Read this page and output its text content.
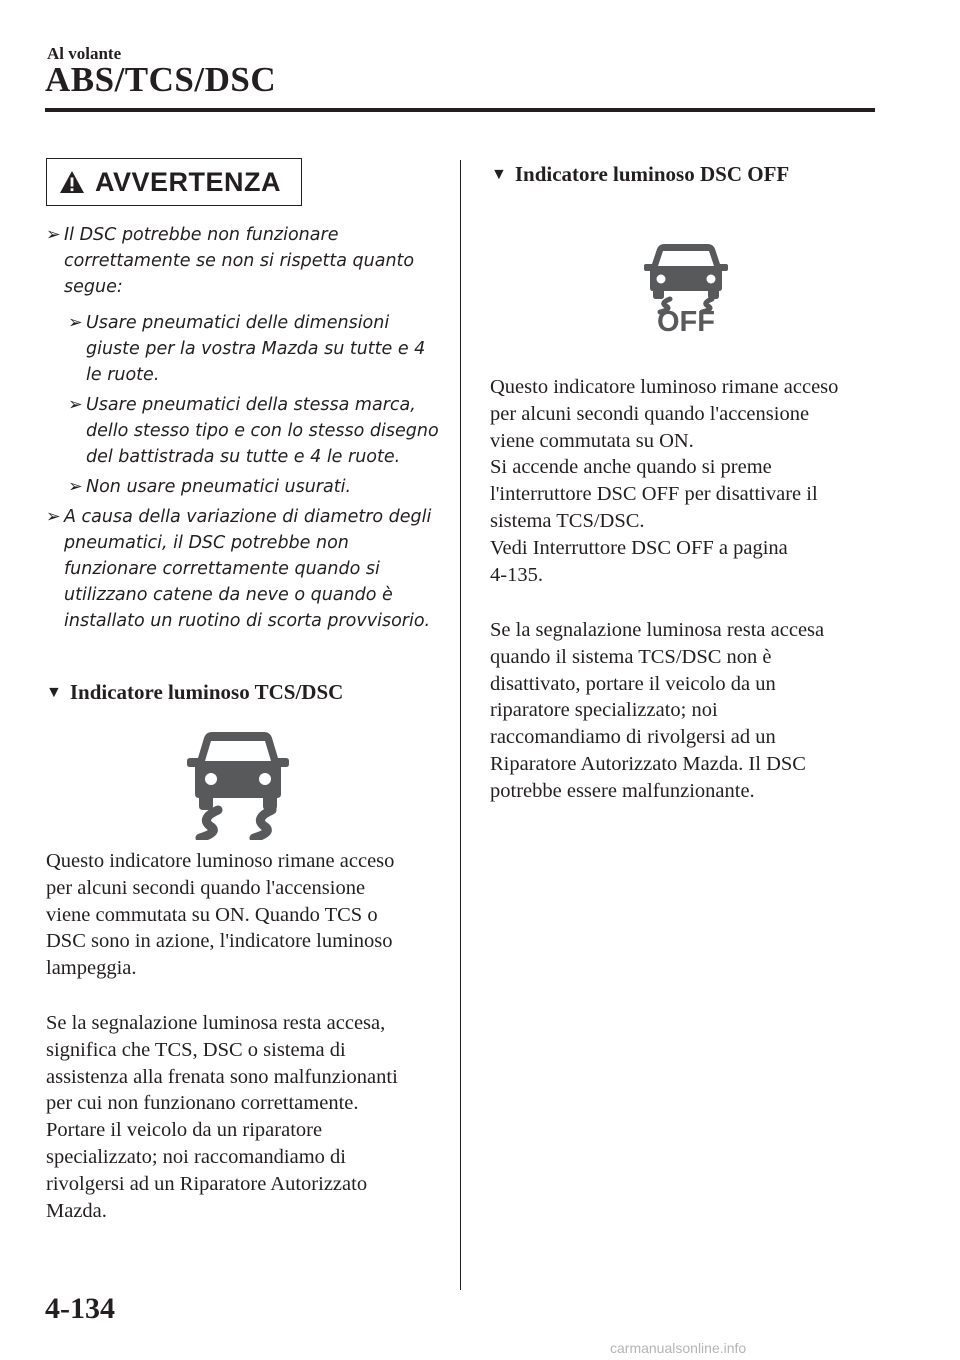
Al volante
ABS/TCS/DSC
AVVERTENZA
➢ Il DSC potrebbe non funzionare correttamente se non si rispetta quanto segue:
➢ Usare pneumatici delle dimensioni giuste per la vostra Mazda su tutte e 4 le ruote.
➢ Usare pneumatici della stessa marca, dello stesso tipo e con lo stesso disegno del battistrada su tutte e 4 le ruote.
➢ Non usare pneumatici usurati.
➢ A causa della variazione di diametro degli pneumatici, il DSC potrebbe non funzionare correttamente quando si utilizzano catene da neve o quando è installato un ruotino di scorta provvisorio.
▼ Indicatore luminoso TCS/DSC
Questo indicatore luminoso rimane acceso
per alcuni secondi quando l'accensione
viene commutata su ON. Quando TCS o
DSC sono in azione, l'indicatore luminoso
lampeggia.
Se la segnalazione luminosa resta accesa,
significa che TCS, DSC o sistema di
assistenza alla frenata sono malfunzionanti
per cui non funzionano correttamente.
Portare il veicolo da un riparatore
specializzato; noi raccomandiamo di
rivolgersi ad un Riparatore Autorizzato
Mazda.
▼ Indicatore luminoso DSC OFF
OFF
Questo indicatore luminoso rimane acceso
per alcuni secondi quando l'accensione
viene commutata su ON.
Si accende anche quando si preme
l'interruttore DSC OFF per disattivare il
sistema TCS/DSC.
Vedi Interruttore DSC OFF a pagina
4-135.
Se la segnalazione luminosa resta accesa
quando il sistema TCS/DSC non è
disattivato, portare il veicolo da un
riparatore specializzato; noi
raccomandiamo di rivolgersi ad un
Riparatore Autorizzato Mazda. Il DSC
potrebbe essere malfunzionante.
4-134
carmanualsonline.info
